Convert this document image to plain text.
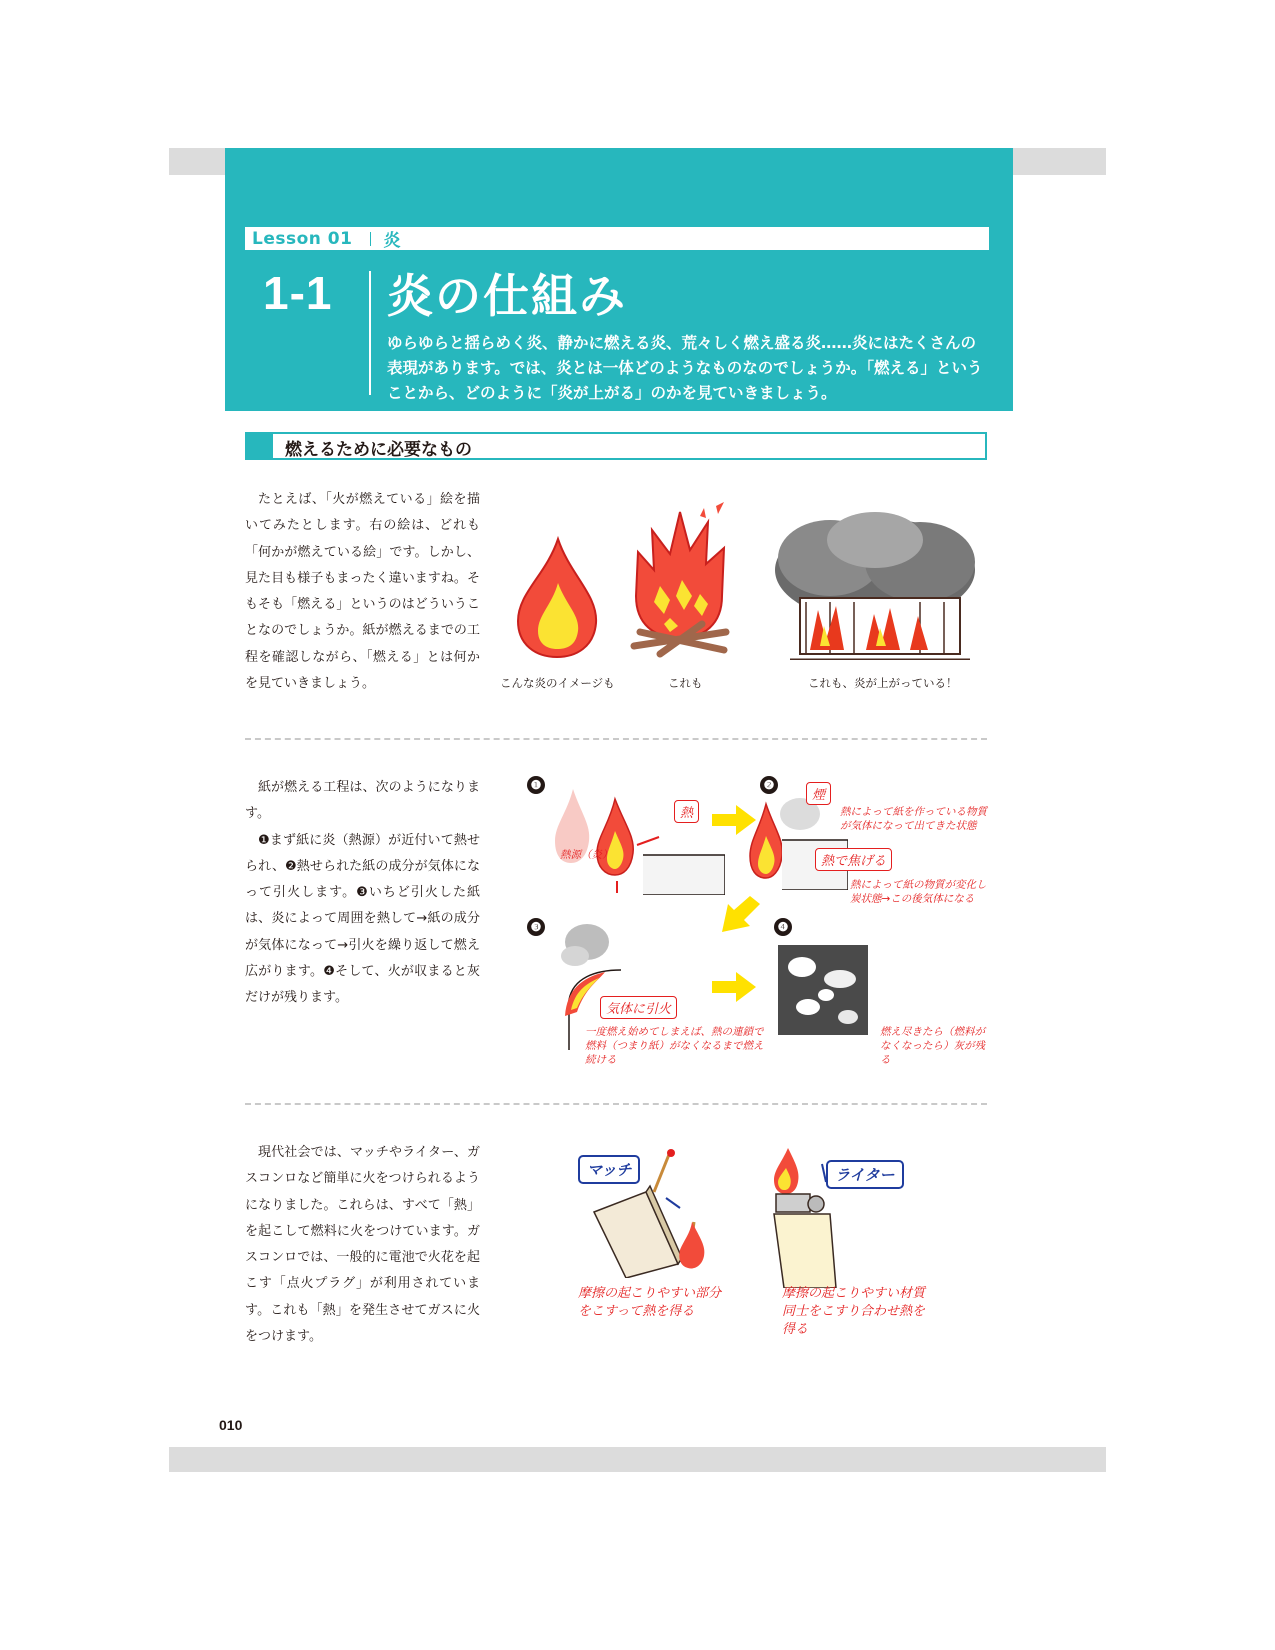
Lesson 01 炎
1-1 炎の仕組み

ゆらゆらと揺らめく炎、静かに燃える炎、荒々しく燃え盛る炎……炎にはたくさんの表現があります。では、炎とは一体どのようなものなのでしょうか。「燃える」ということから、どのように「炎が上がる」のかを見ていきましょう。

燃えるために必要なもの

たとえば、「火が燃えている」絵を描いてみたとします。右の絵は、どれも「何かが燃えている絵」です。しかし、見た目も様子もまったく違いますね。そもそも「燃える」というのはどういうことなのでしょうか。紙が燃えるまでの工程を確認しながら、「燃える」とは何かを見ていきましょう。	こんな炎のイメージも	これも	これも、炎が上がっている！

紙が燃える工程は、次のようになります。
❶まず紙に炎（熱源）が近付いて熱せられ、❷熱せられた紙の成分が気体になって引火します。❸いちど引火した紙は、炎によって周囲を熱して→紙の成分が気体になって→引火を繰り返して燃え広がります。❹そして、火が収まると灰だけが残ります。

❶	❷
❸	❹
熱
熱源（炎）
煙
熱によって紙を作っている物質が気体になって出てきた状態
熱で焦げる
熱によって紙の物質が変化し炭状態→この後気体になる
気体に引火
一度燃え始めてしまえば、熱の連鎖で燃料（つまり紙）がなくなるまで燃え続ける
燃え尽きたら（燃料がなくなったら）灰が残る

現代社会では、マッチやライター、ガスコンロなど簡単に火をつけられるようになりました。これらは、すべて「熱」を起こして燃料に火をつけています。ガスコンロでは、一般的に電池で火花を起こす「点火プラグ」が利用されています。これも「熱」を発生させてガスに火をつけます。

マッチ
摩擦の起こりやすい部分をこすって熱を得る
ライター
摩擦の起こりやすい材質同士をこすり合わせ熱を得る
010
